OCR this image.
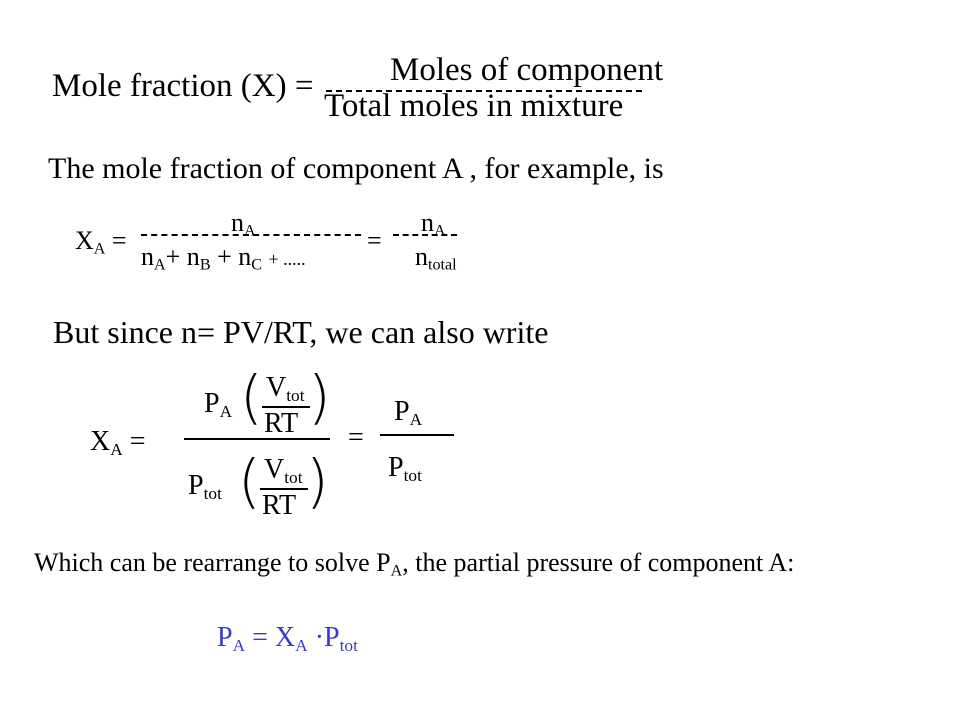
Mole fraction (X) = Moles of component
Total moles in mixture
The mole fraction of component A , for example, is
$X_A$ =
$n_A$
$n_A+ n_B + n_C$ + .....
=
$n_A$
$n_{total}$
But since n= PV/RT, we can also write
$X_A$ =
$P_A$ ( $V_{tot}$
RT )
$P_{tot}$ ( $V_{tot}$
RT )
=
$P_A$
$P_{tot}$
Which can be rearrange to solve $P_A$, the partial pressure of component A:
$P_A = X_A \cdot P_{tot}$
